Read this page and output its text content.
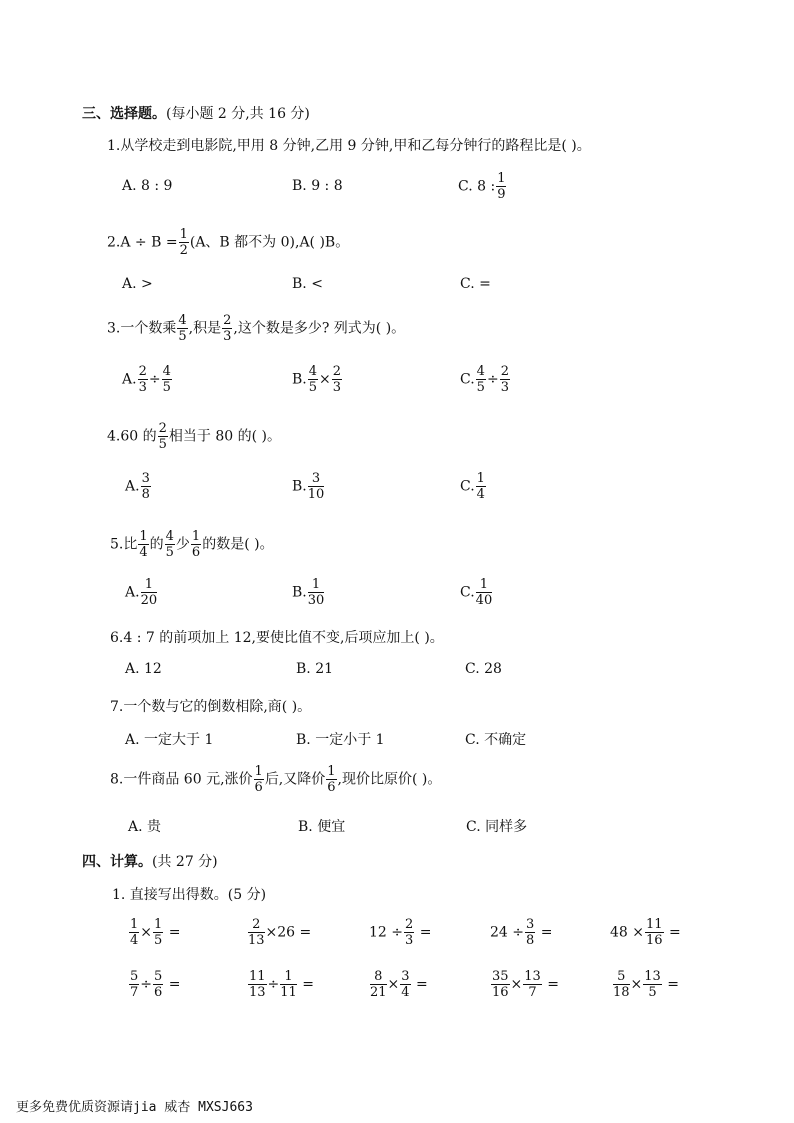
三、选择题。(每小题 2 分,共 16 分)
1.从学校走到电影院,甲用 8 分钟,乙用 9 分钟,甲和乙每分钟行的路程比是( )。
A. 8 : 9	B. 9 : 8	C. 8 : $\frac{1}{9}$
$2.A \div B = \frac{1}{2} (A$、B 都不为 0),A( )B。
A. >	B. <	C. =
3.一个数乘 $\frac{4}{5}$ ,积是 $\frac{2}{3}$ ,这个数是多少? 列式为( )。
A. $\frac{2}{3} \div \frac{4}{5}$	B. $\frac{4}{5} \times \frac{2}{3}$	C. $\frac{4}{5} \div \frac{2}{3}$
4.60 的 $\frac{2}{5}$ 相当于 80 的( )。
A. $\frac{3}{8}$	B. $\frac{3}{10}$	C. $\frac{1}{4}$
5.比 $\frac{1}{4}$ 的 $\frac{4}{5}$ 少 $\frac{1}{6}$ 的数是( )。
A. $\frac{1}{20}$	B. $\frac{1}{30}$	C. $\frac{1}{40}$
6.4 : 7 的前项加上 12,要使比值不变,后项应加上( )。
A. 12	B. 21	C. 28
7.一个数与它的倒数相除,商( )。
A. 一定大于 1	B. 一定小于 1	C. 不确定
8.一件商品 60 元,涨价 $\frac{1}{6}$ 后,又降价 $\frac{1}{6}$ ,现价比原价( )。
A. 贵	B. 便宜	C. 同样多
四、计算。(共 27 分)
1. 直接写出得数。(5 分)
$\frac{1}{4} \times \frac{1}{5}$ =	$\frac{2}{13} \times 26$ =	$12 \div \frac{2}{3}$ =	$24 \div \frac{3}{8}$ =	$48 \times \frac{11}{16}$ =
$\frac{5}{7} \div \frac{5}{6}$ =	$\frac{11}{13} \div \frac{1}{11}$ =	$\frac{8}{21} \times \frac{3}{4}$ =	$\frac{35}{16} \times \frac{13}{7}$ =	$\frac{5}{18} \times \frac{13}{5}$ =
更多免费优质资源请jia 威杏 MXSJ663
